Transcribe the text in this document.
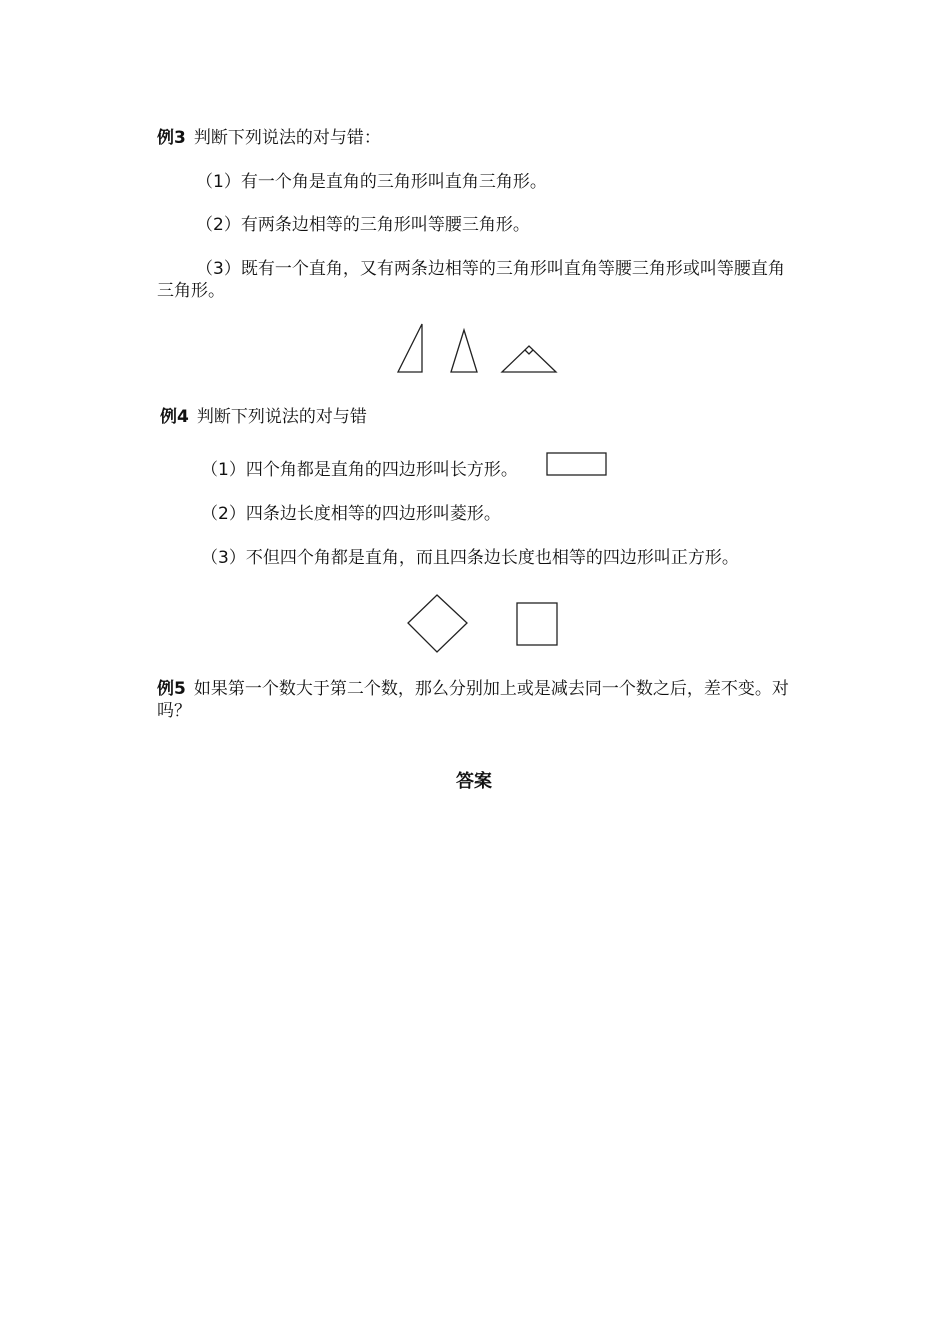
例3 判断下列说法的对与错：
（1）有一个角是直角的三角形叫直角三角形。
（2）有两条边相等的三角形叫等腰三角形。
（3）既有一个直角，又有两条边相等的三角形叫直角等腰三角形或叫等腰直角三角形。
例4 判断下列说法的对与错
（1）四个角都是直角的四边形叫长方形。
（2）四条边长度相等的四边形叫菱形。
（3）不但四个角都是直角，而且四条边长度也相等的四边形叫正方形。
例5 如果第一个数大于第二个数，那么分别加上或是减去同一个数之后，差不变。对吗？
答案
